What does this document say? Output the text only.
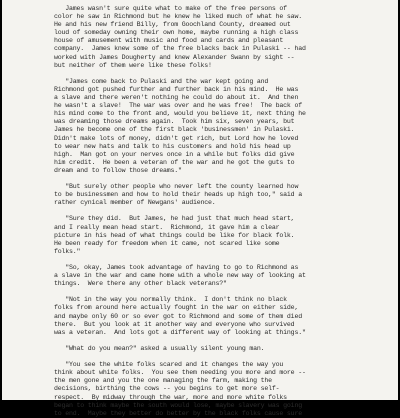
James wasn't sure quite what to make of the free persons of
color he saw in Richmond but he knew he liked much of what he saw.
He and his new friend Billy, from Goochland County, dreamed out
loud of someday owning their own home, maybe running a high class
house of amusement with music and food and cards and pleasant
company.  James knew some of the free blacks back in Pulaski -- had
worked with James Dougherty and knew Alexander Swann by sight --
but neither of them were like these folks!
"James come back to Pulaski and the war kept going and
Richmond got pushed further and further back in his mind.  He was
a slave and there weren't nothing he could do about it.  And then
he wasn't a slave!  The war was over and he was free!  The back of
his mind come to the front and, would you believe it, next thing he
was dreaming those dreams again.  Took him six, seven years, but
James he become one of the first black 'businessmen' in Pulaski.
Didn't make lots of money, didn't get rich, but Lord how he loved
to wear new hats and talk to his customers and hold his head up
high.  Man got on your nerves once in a while but folks did give
him credit.  He been a veteran of the war and he got the guts to
dream and to follow those dreams."
"But surely other people who never left the county learned how
to be businessmen and how to hold their heads up high too," said a
rather cynical member of Newgans' audience.
"Sure they did.  But James, he had just that much head start,
and I really mean head start.  Richmond, it gave him a clear
picture in his head of what things could be like for black folk.
He been ready for freedom when it came, not scared like some
folks."
"So, okay, James took advantage of having to go to Richmond as
a slave in the war and came home with a whole new way of looking at
things.  Were there any other black veterans?"
"Not in the way you normally think.  I don't think no black
folks from around here actually fought in the war on either side,
and maybe only 60 or so ever got to Richmond and some of them died
there.  But you look at it another way and everyone who survived
was a veteran.  And lots got a different way of looking at things."
"What do you mean?" asked a usually silent young man.
"You see the white folks scared and it changes the way you
think about white folks.  You see them needing you more and more --
the men gone and you the one managing the farm, making the
decisions, birthing the cows -- you begins to get more self-
respect.  By midway through the war, more and more white folks
began to think maybe the south would lose, maybe slavery was going
to end.  Maybe they better do better by the black folks cause sure
